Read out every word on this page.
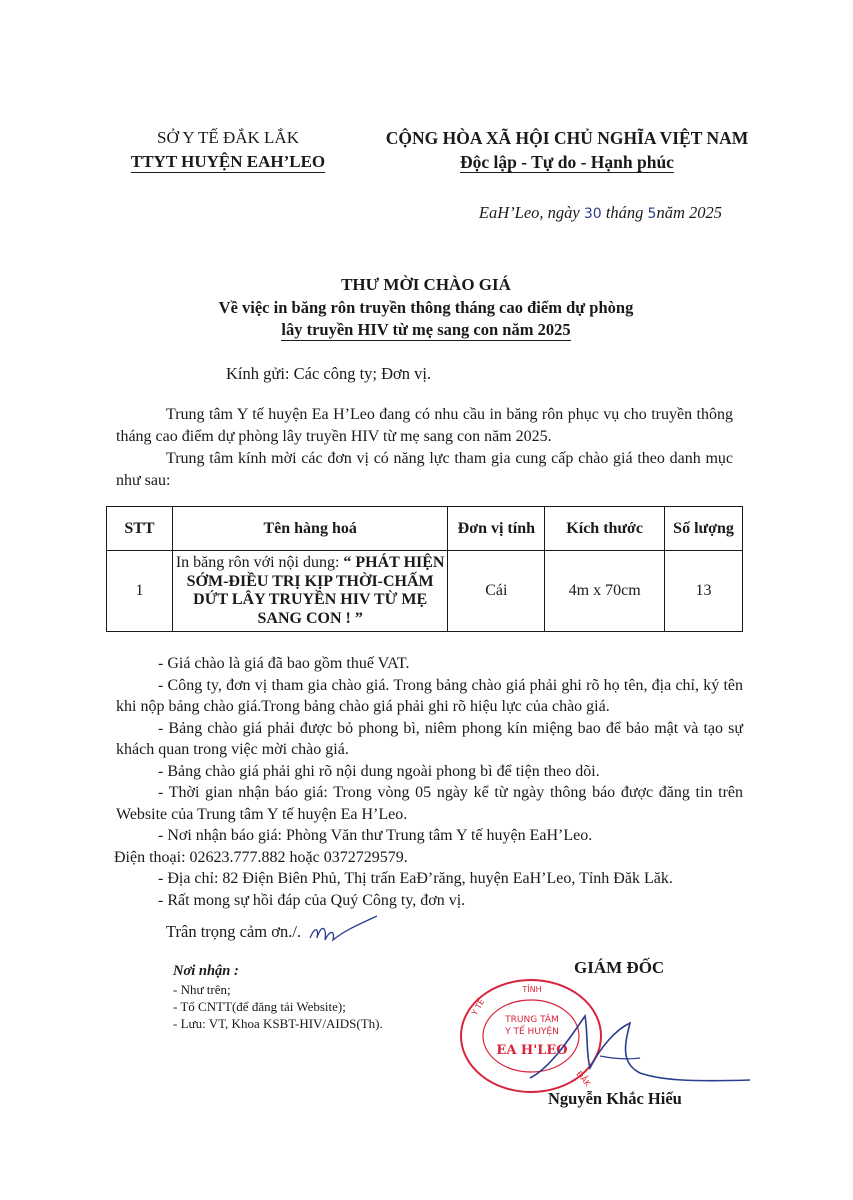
SỞ Y TẾ ĐẮK LẮK
TTYT HUYỆN EAH’LEO
CỘNG HÒA XÃ HỘI CHỦ NGHĨA VIỆT NAM
Độc lập - Tự do - Hạnh phúc
EaH’Leo, ngày 30 tháng 5năm 2025
THƯ MỜI CHÀO GIÁ
Về việc in băng rôn truyền thông tháng cao điểm dự phòng
lây truyền HIV từ mẹ sang con năm 2025
Kính gửi: Các công ty; Đơn vị.
Trung tâm Y tế huyện Ea H’Leo đang có nhu cầu in băng rôn phục vụ cho truyền thông tháng cao điểm dự phòng lây truyền HIV từ mẹ sang con năm 2025.
Trung tâm kính mời các đơn vị có năng lực tham gia cung cấp chào giá theo danh mục như sau:
STT	Tên hàng hoá	Đơn vị tính	Kích thước	Số lượng
1	In băng rôn với nội dung: “ PHÁT HIỆN SỚM-ĐIỀU TRỊ KỊP THỜI-CHẤM DỨT LÂY TRUYỀN HIV TỪ MẸ SANG CON ! ”	Cái	4m x 70cm	13

- Giá chào là giá đã bao gồm thuế VAT.

- Công ty, đơn vị tham gia chào giá. Trong bảng chào giá phải ghi rõ họ tên, địa chỉ, ký tên khi nộp bảng chào giá.Trong bảng chào giá phải ghi rõ hiệu lực của chào giá.

- Bảng chào giá phải được bỏ phong bì, niêm phong kín miệng bao để bảo mật và tạo sự khách quan trong việc mời chào giá.

- Bảng chào giá phải ghi rõ nội dung ngoài phong bì để tiện theo dõi.

- Thời gian nhận báo giá: Trong vòng 05 ngày kể từ ngày thông báo được đăng tin trên Website của Trung tâm Y tế huyện Ea H’Leo.

- Nơi nhận báo giá: Phòng Văn thư Trung tâm Y tế huyện EaH’Leo.

Điện thoại: 02623.777.882 hoặc 0372729579.

- Địa chỉ: 82 Điện Biên Phủ, Thị trấn EaĐ’răng, huyện EaH’Leo, Tỉnh Đăk Lăk.

- Rất mong sự hồi đáp của Quý Công ty, đơn vị.

Trân trọng cảm ơn./.
Nơi nhận :
- Như trên;
- Tổ CNTT(để đăng tải Website);
- Lưu: VT, Khoa KSBT-HIV/AIDS(Th).
GIÁM ĐỐC
TỈNH
Y TẾ
TRUNG TÂM
Y TẾ HUYỆN
EA H'LEO
ĐẮK
Nguyễn Khắc Hiếu
